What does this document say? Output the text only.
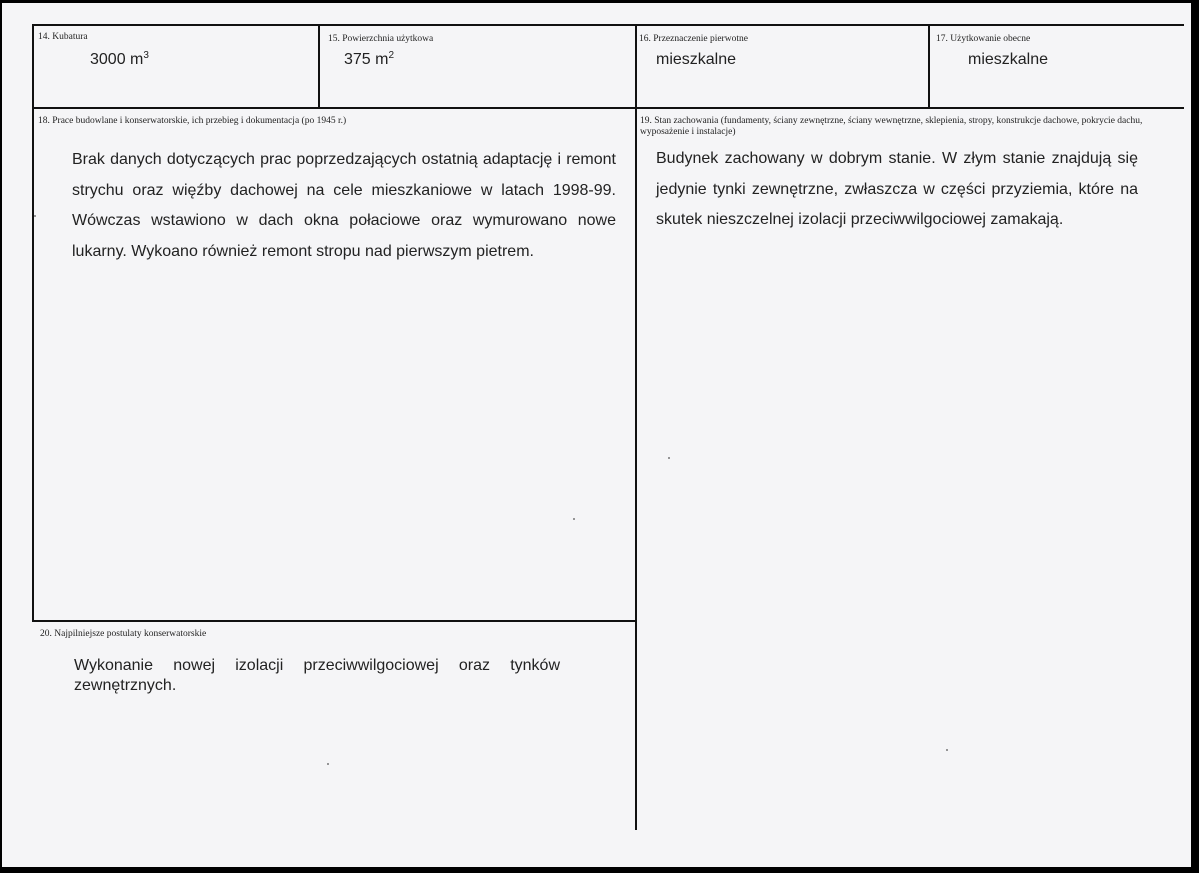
14. Kubatura
3000 $m^3$
15. Powierzchnia użytkowa
375 $m^2$
16. Przeznaczenie pierwotne
mieszkalne
17. Użytkowanie obecne
mieszkalne
18. Prace budowlane i konserwatorskie, ich przebieg i dokumentacja (po 1945 r.)
Brak danych dotyczących prac poprzedzających ostatnią adaptację i remont strychu oraz więźby dachowej na cele mieszkaniowe w latach 1998-99. Wówczas wstawiono w dach okna połaciowe oraz wymurowano nowe lukarny. Wykoano również remont stropu nad pierwszym pietrem.
19. Stan zachowania (fundamenty, ściany zewnętrzne, ściany wewnętrzne, sklepienia, stropy, konstrukcje dachowe, pokrycie dachu, wyposażenie i instalacje)
Budynek zachowany w dobrym stanie. W złym stanie znajdują się jedynie tynki zewnętrzne, zwłaszcza w części przyziemia, które na skutek nieszczelnej izolacji przeciwwilgociowej zamakają.
20. Najpilniejsze postulaty konserwatorskie
Wykonanie nowej izolacji przeciwwilgociowej oraz tynków zewnętrznych.
